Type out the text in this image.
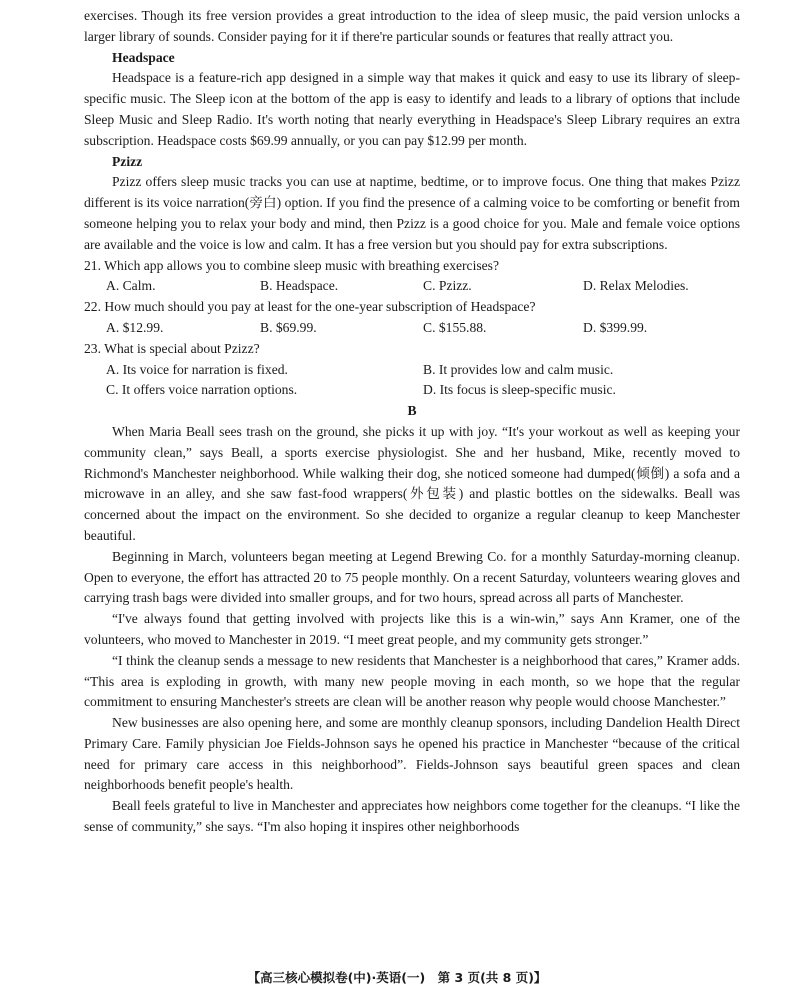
exercises. Though its free version provides a great introduction to the idea of sleep music, the paid version unlocks a larger library of sounds. Consider paying for it if there're particular sounds or features that really attract you.

Headspace

Headspace is a feature-rich app designed in a simple way that makes it quick and easy to use its library of sleep-specific music. The Sleep icon at the bottom of the app is easy to identify and leads to a library of options that include Sleep Music and Sleep Radio. It's worth noting that nearly everything in Headspace's Sleep Library requires an extra subscription. Headspace costs $69.99 annually, or you can pay $12.99 per month.

Pzizz

Pzizz offers sleep music tracks you can use at naptime, bedtime, or to improve focus. One thing that makes Pzizz different is its voice narration(旁白) option. If you find the presence of a calming voice to be comforting or benefit from someone helping you to relax your body and mind, then Pzizz is a good choice for you. Male and female voice options are available and the voice is low and calm. It has a free version but you should pay for extra subscriptions.

21. Which app allows you to combine sleep music with breathing exercises?

A. Calm.	B. Headspace.	C. Pzizz.	D. Relax Melodies.

22. How much should you pay at least for the one-year subscription of Headspace?

A. $12.99.	B. $69.99.	C. $155.88.	D. $399.99.

23. What is special about Pzizz?

A. Its voice for narration is fixed.	B. It provides low and calm music.
C. It offers voice narration options.	D. Its focus is sleep-specific music.

B

When Maria Beall sees trash on the ground, she picks it up with joy. “It's your workout as well as keeping your community clean,” says Beall, a sports exercise physiologist. She and her husband, Mike, recently moved to Richmond's Manchester neighborhood. While walking their dog, she noticed someone had dumped(倾倒) a sofa and a microwave in an alley, and she saw fast-food wrappers(外包装) and plastic bottles on the sidewalks. Beall was concerned about the impact on the environment. So she decided to organize a regular cleanup to keep Manchester beautiful.

Beginning in March, volunteers began meeting at Legend Brewing Co. for a monthly Saturday-morning cleanup. Open to everyone, the effort has attracted 20 to 75 people monthly. On a recent Saturday, volunteers wearing gloves and carrying trash bags were divided into smaller groups, and for two hours, spread across all parts of Manchester.

“I've always found that getting involved with projects like this is a win-win,” says Ann Kramer, one of the volunteers, who moved to Manchester in 2019. “I meet great people, and my community gets stronger.”

“I think the cleanup sends a message to new residents that Manchester is a neighborhood that cares,” Kramer adds. “This area is exploding in growth, with many new people moving in each month, so we hope that the regular commitment to ensuring Manchester's streets are clean will be another reason why people would choose Manchester.”

New businesses are also opening here, and some are monthly cleanup sponsors, including Dandelion Health Direct Primary Care. Family physician Joe Fields-Johnson says he opened his practice in Manchester “because of the critical need for primary care access in this neighborhood”. Fields-Johnson says beautiful green spaces and clean neighborhoods benefit people's health.

Beall feels grateful to live in Manchester and appreciates how neighbors come together for the cleanups. “I like the sense of community,” she says. “I'm also hoping it inspires other neighborhoods

【高三核心模拟卷(中)·英语(一)　第 3 页(共 8 页)】
